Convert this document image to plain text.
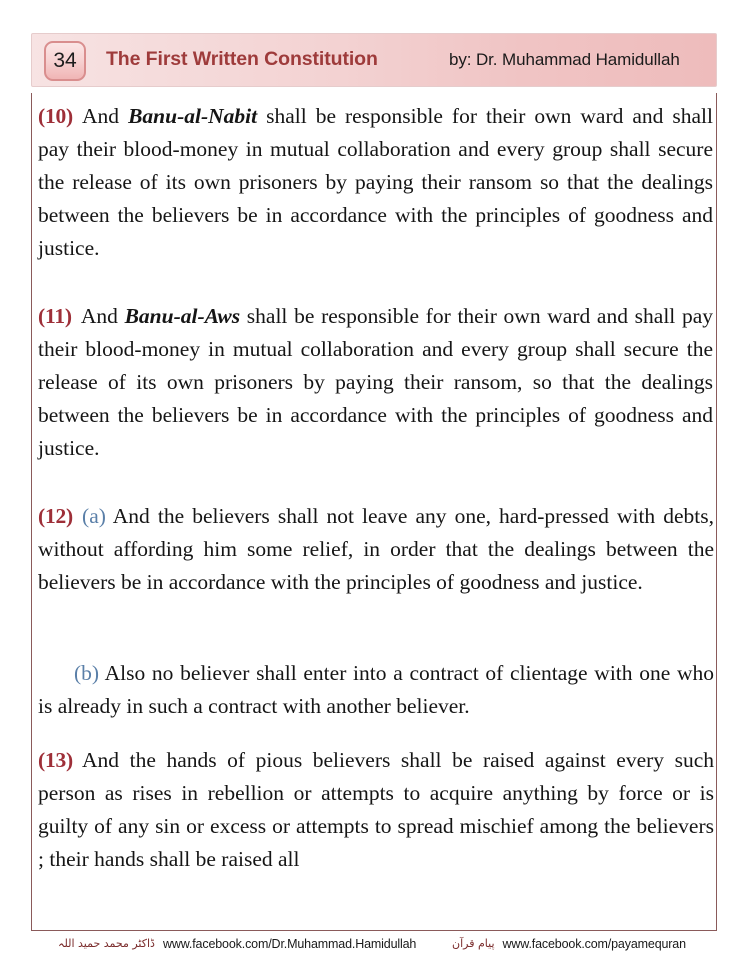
34	The First Written Constitution	by: Dr. Muhammad Hamidullah

(10) And Banu-al-Nabit shall be responsible for their own ward and shall pay their blood-money in mutual collaboration and every group shall secure the release of its own prisoners by paying their ransom so that the dealings between the believers be in accordance with the principles of goodness and justice.

(11) And Banu-al-Aws shall be responsible for their own ward and shall pay their blood-money in mutual collaboration and every group shall secure the release of its own prisoners by paying their ransom, so that the dealings between the believers be in accordance with the principles of goodness and justice.

(12) (a) And the believers shall not leave any one, hard-pressed with debts, without affording him some relief, in order that the dealings between the believers be in accordance with the principles of goodness and justice.

(b) Also no believer shall enter into a contract of clientage with one who is already in such a contract with another believer.

(13) And the hands of pious believers shall be raised against every such person as rises in rebellion or attempts to acquire anything by force or is guilty of any sin or excess or attempts to spread mischief among the believers ; their hands shall be raised all

ڈاکٹر محمد حمید اللہ www.facebook.com/Dr.Muhammad.Hamidullah	پیام قرآن www.facebook.com/payamequran
